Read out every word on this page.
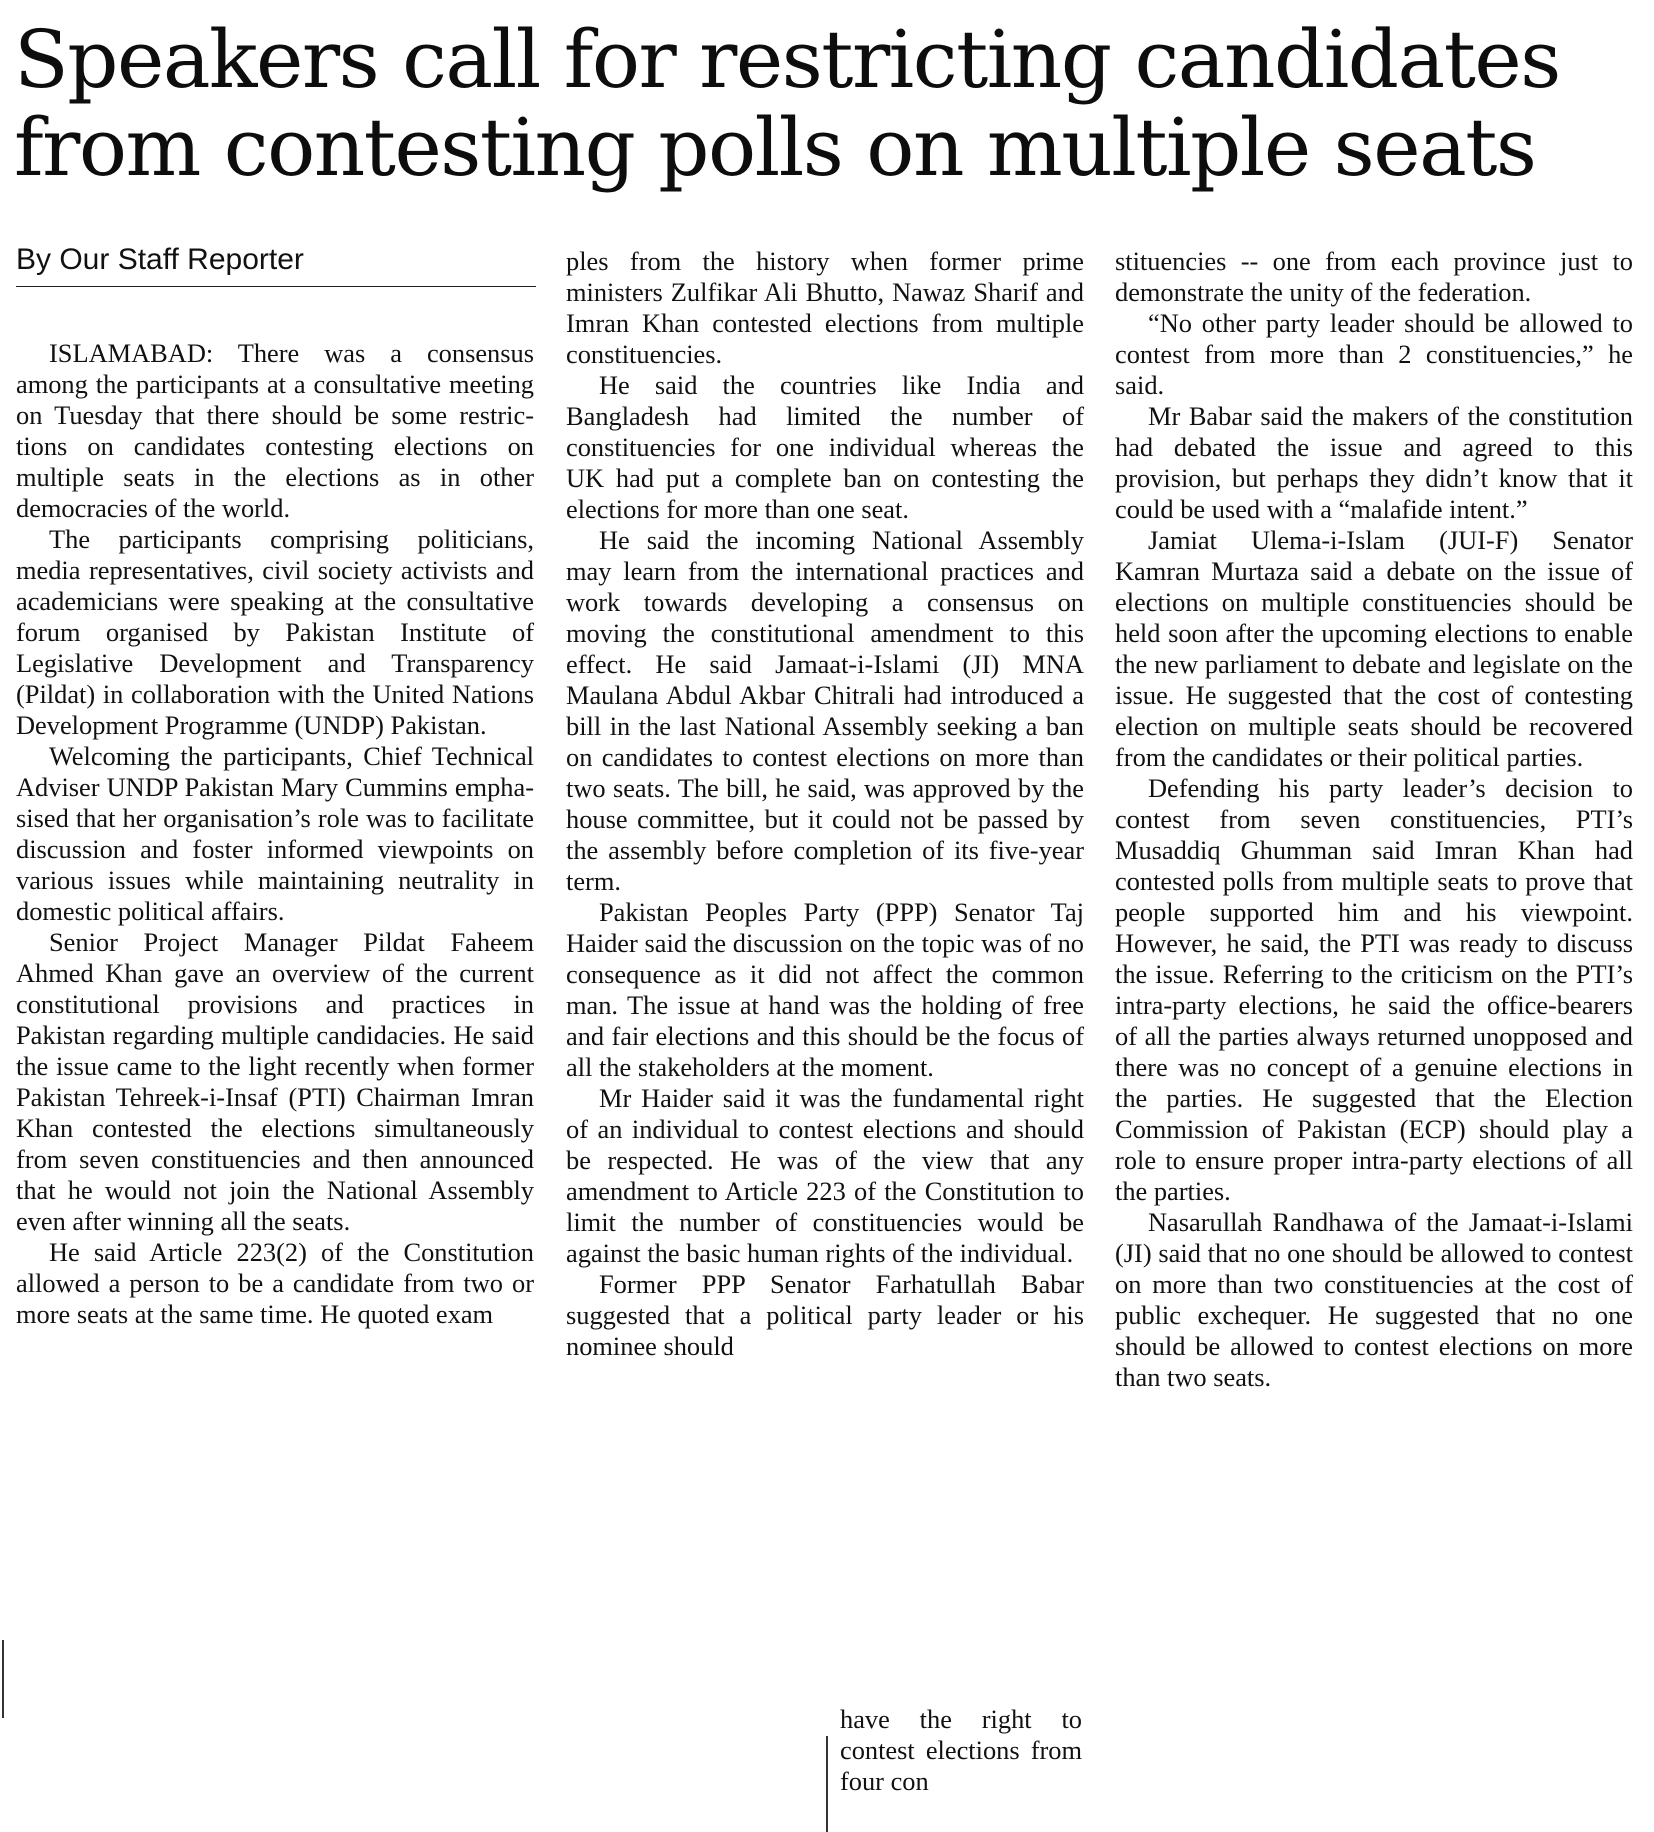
Speakers call for restricting candidates
from contesting polls on multiple seats
By Our Staff Reporter

ISLAMABAD: There was a consensus among the participants at a consultative meeting on Tuesday that there should be some restrictions on candidates contesting elections on multiple seats in the elections as in other democracies of the world.

The participants comprising politicians, media representatives, civil society activists and academicians were speaking at the consultative forum organised by Pakistan Institute of Legislative Development and Transparency (Pildat) in collaboration with the United Nations Development Programme (UNDP) Pakistan.

Welcoming the participants, Chief Technical Adviser UNDP Pakistan Mary Cummins emphasised that her organisation’s role was to facilitate discussion and foster informed viewpoints on various issues while maintaining neutrality in domestic political affairs.

Senior Project Manager Pildat Faheem Ahmed Khan gave an overview of the current constitutional provisions and practices in Pakistan regarding multiple candidacies. He said the issue came to the light recently when former Pakistan Tehreek-i-Insaf (PTI) Chairman Imran Khan contested the elections simultaneously from seven constituencies and then announced that he would not join the National Assembly even after winning all the seats.

He said Article 223(2) of the Constitution allowed a person to be a candidate from two or more seats at the same time. He quoted exam

ples from the history when former prime ministers Zulfikar Ali Bhutto, Nawaz Sharif and Imran Khan contested elections from multiple constituencies.

He said the countries like India and Bangladesh had limited the number of constituencies for one individual whereas the UK had put a complete ban on contesting the elections for more than one seat.

He said the incoming National Assembly may learn from the international practices and work towards developing a consensus on moving the constitutional amendment to this effect. He said Jamaat-i-Islami (JI) MNA Maulana Abdul Akbar Chitrali had introduced a bill in the last National Assembly seeking a ban on candidates to contest elections on more than two seats. The bill, he said, was approved by the house committee, but it could not be passed by the assembly before completion of its five-year term.

Pakistan Peoples Party (PPP) Senator Taj Haider said the discussion on the topic was of no consequence as it did not affect the common man. The issue at hand was the holding of free and fair elections and this should be the focus of all the stakeholders at the moment.

Mr Haider said it was the fundamental right of an individual to contest elections and should be respected. He was of the view that any amendment to Article 223 of the Constitution to limit the number of constituencies would be against the basic human rights of the individual.

Former PPP Senator Farhatullah Babar suggested that a political party leader or his nominee should

have the right to contest elections from four con

stituencies -- one from each province just to demonstrate the unity of the federation.

“No other party leader should be allowed to contest from more than 2 constituencies,” he said.

Mr Babar said the makers of the constitution had debated the issue and agreed to this provision, but perhaps they didn’t know that it could be used with a “malafide intent.”

Jamiat Ulema-i-Islam (JUI-F) Senator Kamran Murtaza said a debate on the issue of elections on multiple constituencies should be held soon after the upcoming elections to enable the new parliament to debate and legislate on the issue. He suggested that the cost of contesting election on multiple seats should be recovered from the candidates or their political parties.

Defending his party leader’s decision to contest from seven constituencies, PTI’s Musaddiq Ghumman said Imran Khan had contested polls from multiple seats to prove that people supported him and his viewpoint. However, he said, the PTI was ready to discuss the issue. Referring to the criticism on the PTI’s intra-party elections, he said the office-bearers of all the parties always returned unopposed and there was no concept of a genuine elections in the parties. He suggested that the Election Commission of Pakistan (ECP) should play a role to ensure proper intra-party elections of all the parties.

Nasarullah Randhawa of the Jamaat-i-Islami (JI) said that no one should be allowed to contest on more than two constituencies at the cost of public exchequer. He suggested that no one should be allowed to contest elections on more than two seats.
